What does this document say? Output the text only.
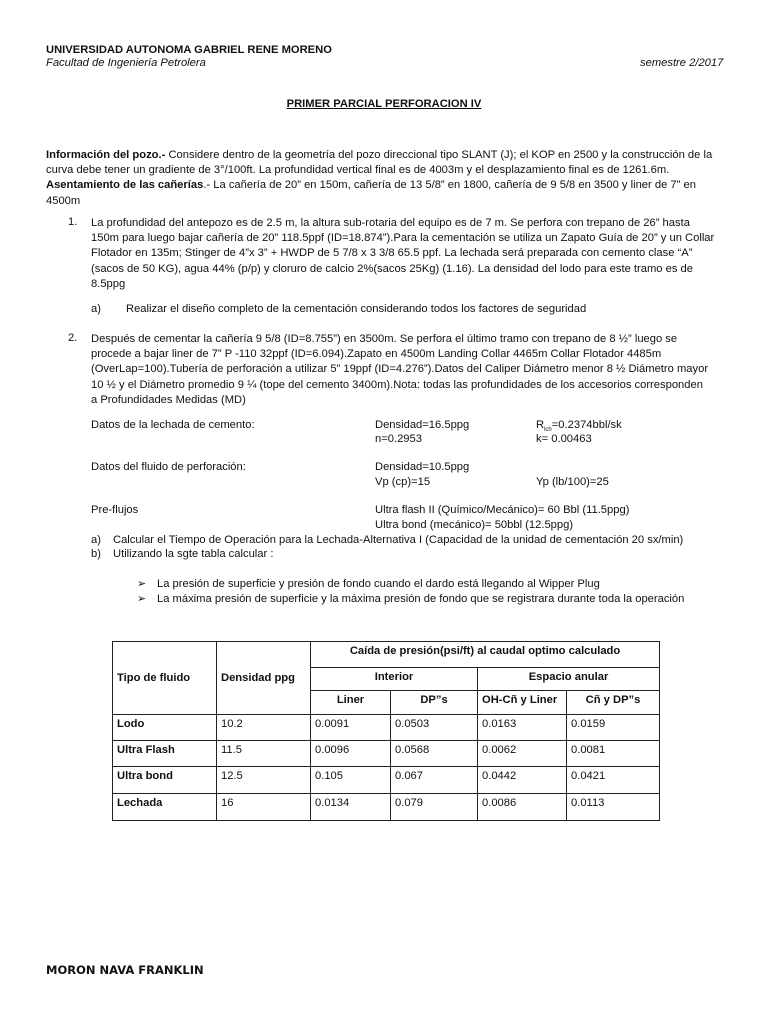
UNIVERSIDAD AUTONOMA GABRIEL RENE MORENO
Facultad de Ingeniería Petrolera	semestre 2/2017
PRIMER PARCIAL PERFORACION IV

Información del pozo.- Considere dentro de la geometría del pozo direccional tipo SLANT (J); el KOP en 2500 y la construcción de la

curva debe tener un gradiente de 3°/100ft. La profundidad vertical final es de 4003m y el desplazamiento final es de 1261.6m.

Asentamiento de las cañerías.- La cañería de 20” en 150m, cañería de 13 5/8” en 1800, cañería de 9 5/8 en 3500 y liner de 7” en

4500m

1. La profundidad del antepozo es de 2.5 m, la altura sub-rotaria del equipo es de 7 m. Se perfora con trepano de 26” hasta

150m para luego bajar cañería de 20” 118.5ppf (ID=18.874”).Para la cementación se utiliza un Zapato Guía de 20” y un Collar

Flotador en 135m; Stinger de 4”x 3” + HWDP de 5 7/8 x 3 3/8 65.5 ppf. La lechada será preparada con cemento clase “A”

(sacos de 50 KG), agua 44% (p/p) y cloruro de calcio 2%(sacos 25Kg) (1.16). La densidad del lodo para este tramo es de

8.5ppg

a) Realizar el diseño completo de la cementación considerando todos los factores de seguridad
2. Después de cementar la cañería 9 5/8 (ID=8.755”) en 3500m. Se perfora el último tramo con trepano de 8 ½” luego se

procede a bajar liner de 7” P -110 32ppf (ID=6.094).Zapato en 4500m Landing Collar 4465m Collar Flotador 4485m

(OverLap=100).Tubería de perforación a utilizar 5” 19ppf (ID=4.276”).Datos del Caliper Diámetro menor 8 ½ Diámetro mayor

10 ½ y el Diámetro promedio 9 ¼ (tope del cemento 3400m).Nota: todas las profundidades de los accesorios corresponden

a Profundidades Medidas (MD)

Datos de la lechada de cemento:	Densidad=16.5ppg	$R_{lch}=0.2374bbl/sk$
n=0.2953	k= 0.00463
Datos del fluido de perforación:	Densidad=10.5ppg
Vp (cp)=15	Yp (lb/100)=25
Pre-flujos	Ultra flash II (Químico/Mecánico)= 60 Bbl (11.5ppg)
Ultra bond (mecánico)= 50bbl (12.5ppg)
a) Calcular el Tiempo de Operación para la Lechada-Alternativa I (Capacidad de la unidad de cementación 20 sx/min)
b) Utilizando la sgte tabla calcular :
➢ La presión de superficie y presión de fondo cuando el dardo está llegando al Wipper Plug
➢ La máxima presión de superficie y la máxima presión de fondo que se registrara durante toda la operación
Tipo de fluido	Densidad ppg	Caída de presión(psi/ft) al caudal optimo calculado			
		Interior		Espacio anular	
		Liner	DP”s	OH-Cñ y Liner	Cñ y DP”s
Lodo	10.2	0.0091	0.0503	0.0163	0.0159
Ultra Flash	11.5	0.0096	0.0568	0.0062	0.0081
Ultra bond	12.5	0.105	0.067	0.0442	0.0421
Lechada	16	0.0134	0.079	0.0086	0.0113
MORON NAVA FRANKLIN
